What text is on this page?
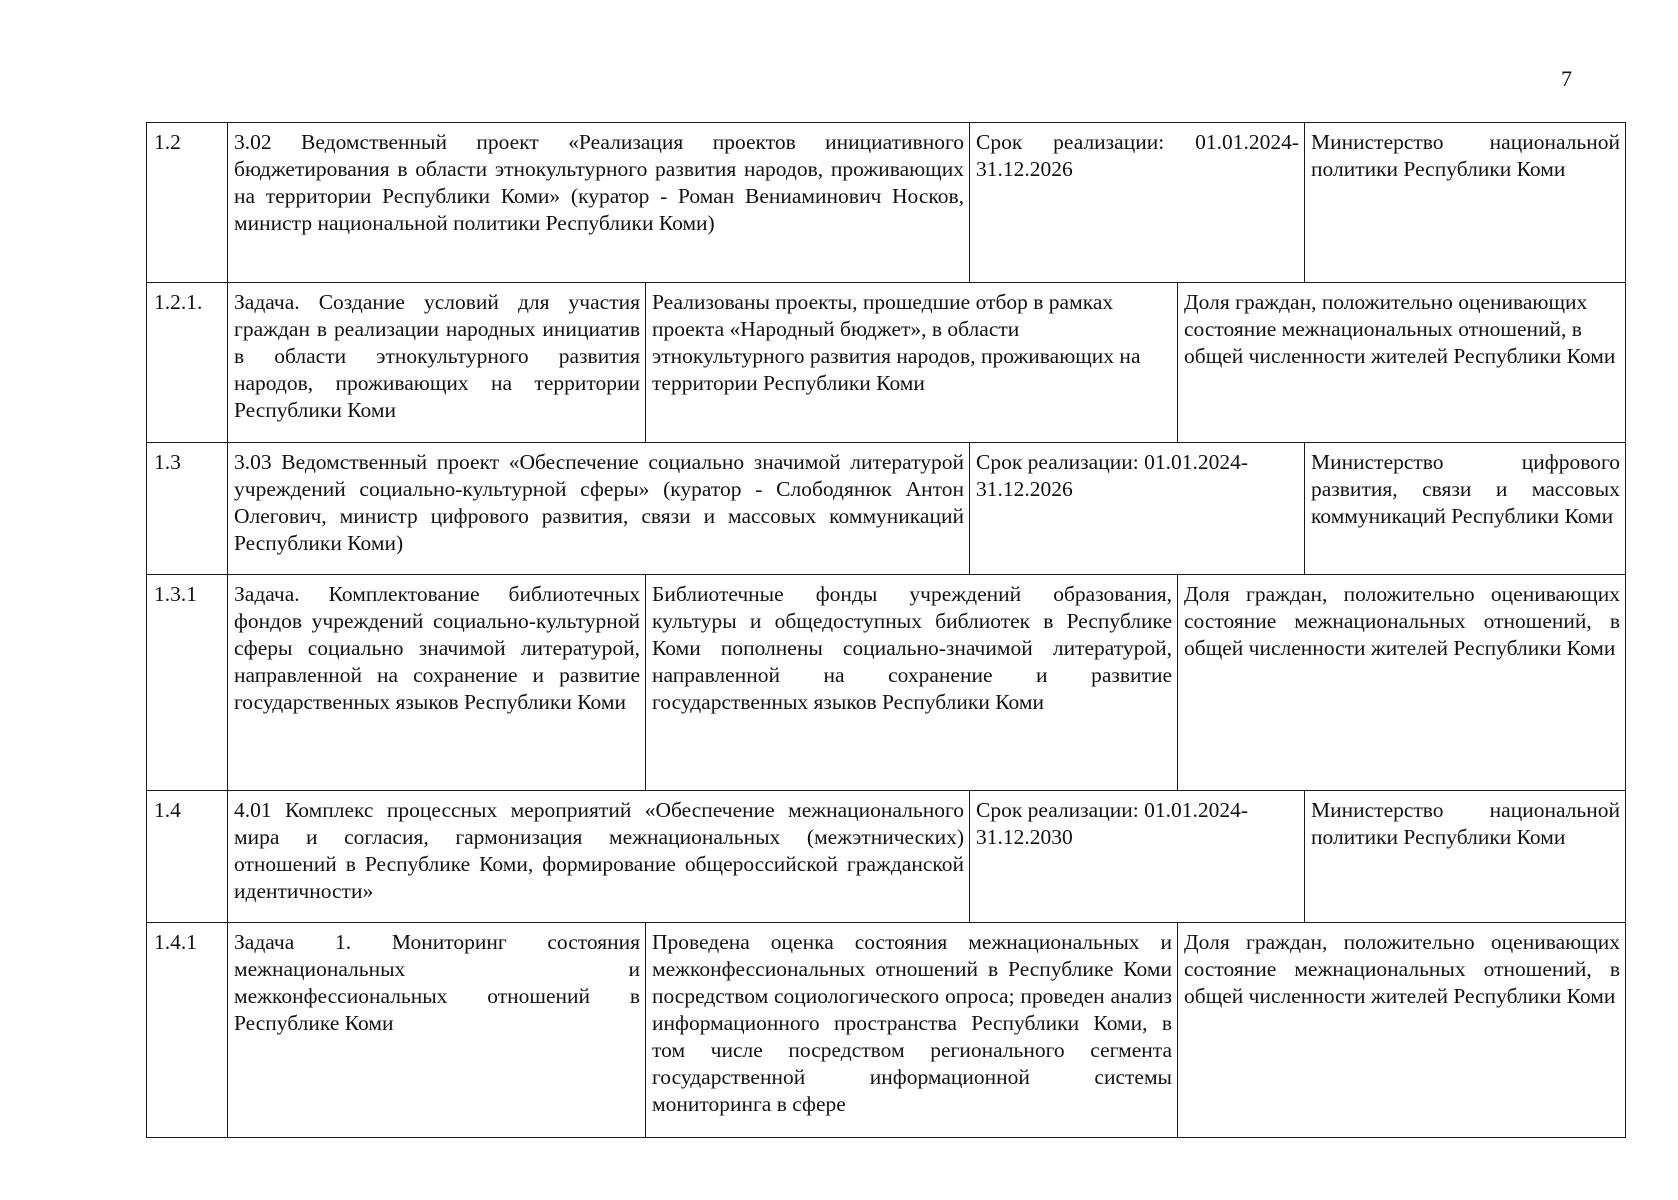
7
1.2	3.02 Ведомственный проект «Реализация проектов инициативного бюджетирования в области этнокультурного развития народов, проживающих на территории Республики Коми» (куратор - Роман Вениаминович Носков, министр национальной политики Республики Коми)
Срок реализации: 01.01.2024-31.12.2026
Министерство национальной политики Республики Коми
1.2.1.	Задача. Создание условий для участия граждан в реализации народных инициатив в области этнокультурного развития народов, проживающих на территории Республики Коми
Реализованы проекты, прошедшие отбор в рамках проекта «Народный бюджет», в области этнокультурного развития народов, проживающих на территории Республики Коми
Доля граждан, положительно оценивающих состояние межнациональных отношений, в общей численности жителей Республики Коми
1.3	3.03 Ведомственный проект «Обеспечение социально значимой литературой учреждений социально-культурной сферы» (куратор - Слободянюк Антон Олегович, министр цифрового развития, связи и массовых коммуникаций Республики Коми)
Срок реализации: 01.01.2024-31.12.2026
Министерство цифрового развития, связи и массовых коммуникаций Республики Коми
1.3.1	Задача. Комплектование библиотечных фондов учреждений социально-культурной сферы социально значимой литературой, направленной на сохранение и развитие государственных языков Республики Коми
Библиотечные фонды учреждений образования, культуры и общедоступных библиотек в Республике Коми пополнены социально-значимой литературой, направленной на сохранение и развитие государственных языков Республики Коми
Доля граждан, положительно оценивающих состояние межнациональных отношений, в общей численности жителей Республики Коми
1.4	4.01 Комплекс процессных мероприятий «Обеспечение межнационального мира и согласия, гармонизация межнациональных (межэтнических) отношений в Республике Коми, формирование общероссийской гражданской идентичности»
Срок реализации: 01.01.2024-31.12.2030
Министерство национальной политики Республики Коми
1.4.1	Задача 1. Мониторинг состояния межнациональных и межконфессиональных отношений в Республике Коми
Проведена оценка состояния межнациональных и межконфессиональных отношений в Республике Коми посредством социологического опроса; проведен анализ информационного пространства Республики Коми, в том числе посредством регионального сегмента государственной информационной системы мониторинга в сфере
Доля граждан, положительно оценивающих состояние межнациональных отношений, в общей численности жителей Республики Коми
